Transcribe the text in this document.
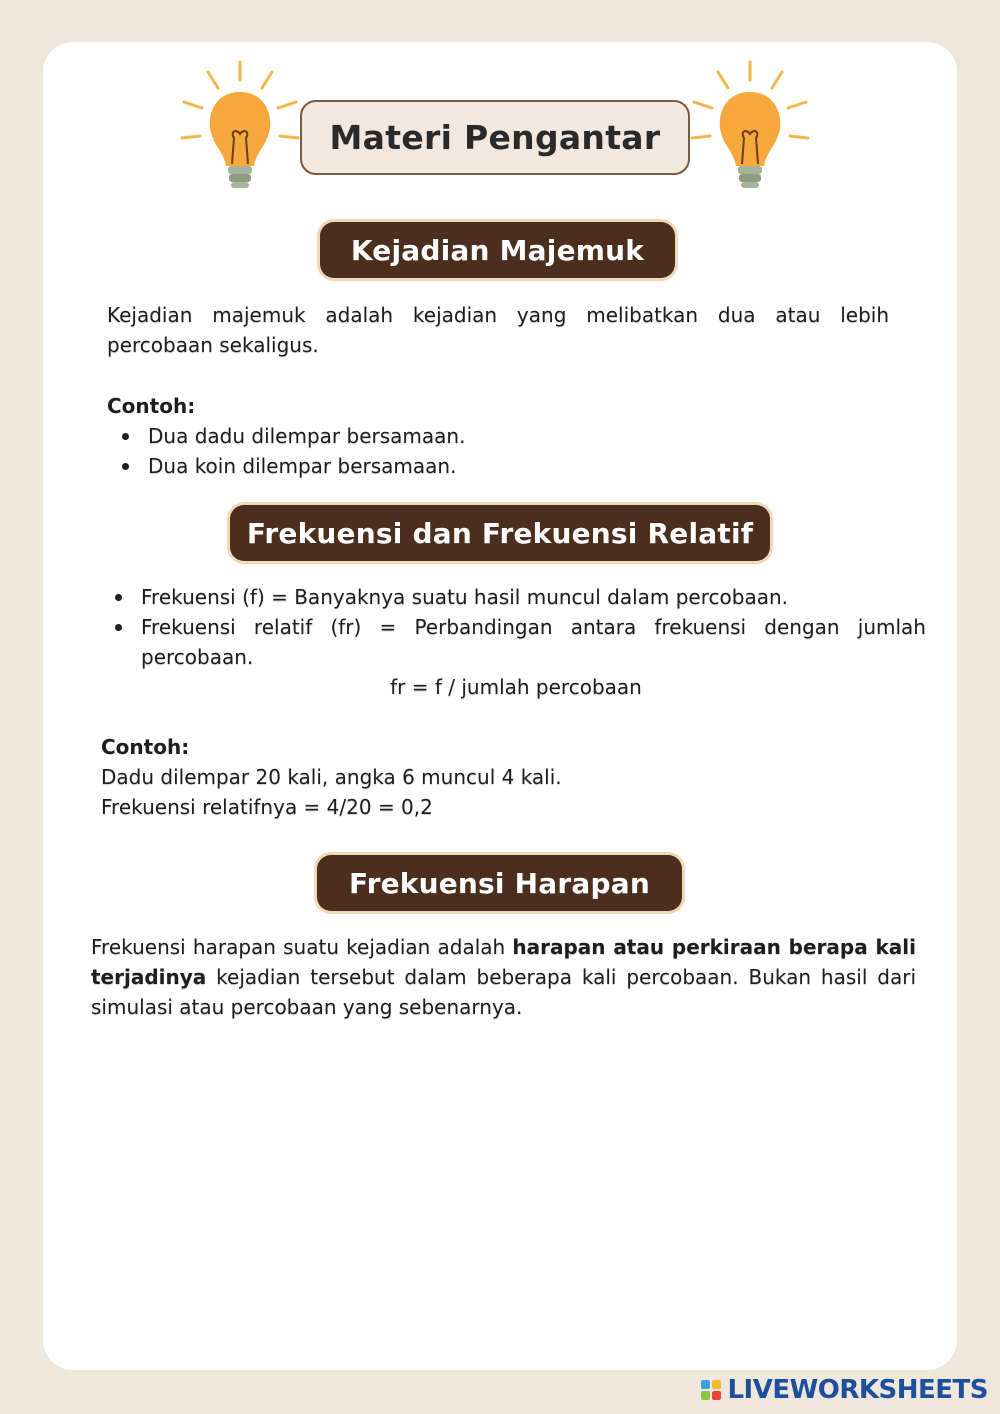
Materi Pengantar
Kejadian Majemuk
Kejadian majemuk adalah kejadian yang melibatkan dua atau lebih percobaan sekaligus.
Contoh:
Dua dadu dilempar bersamaan.
Dua koin dilempar bersamaan.
Frekuensi dan Frekuensi Relatif
Frekuensi (f) = Banyaknya suatu hasil muncul dalam percobaan.
Frekuensi relatif (fr) = Perbandingan antara frekuensi dengan jumlah percobaan.
fr = f / jumlah percobaan
Contoh:
Dadu dilempar 20 kali, angka 6 muncul 4 kali.
Frekuensi relatifnya = 4/20 = 0,2
Frekuensi Harapan
Frekuensi harapan suatu kejadian adalah harapan atau perkiraan berapa kali terjadinya kejadian tersebut dalam beberapa kali percobaan. Bukan hasil dari simulasi atau percobaan yang sebenarnya.
LIVEWORKSHEETS
